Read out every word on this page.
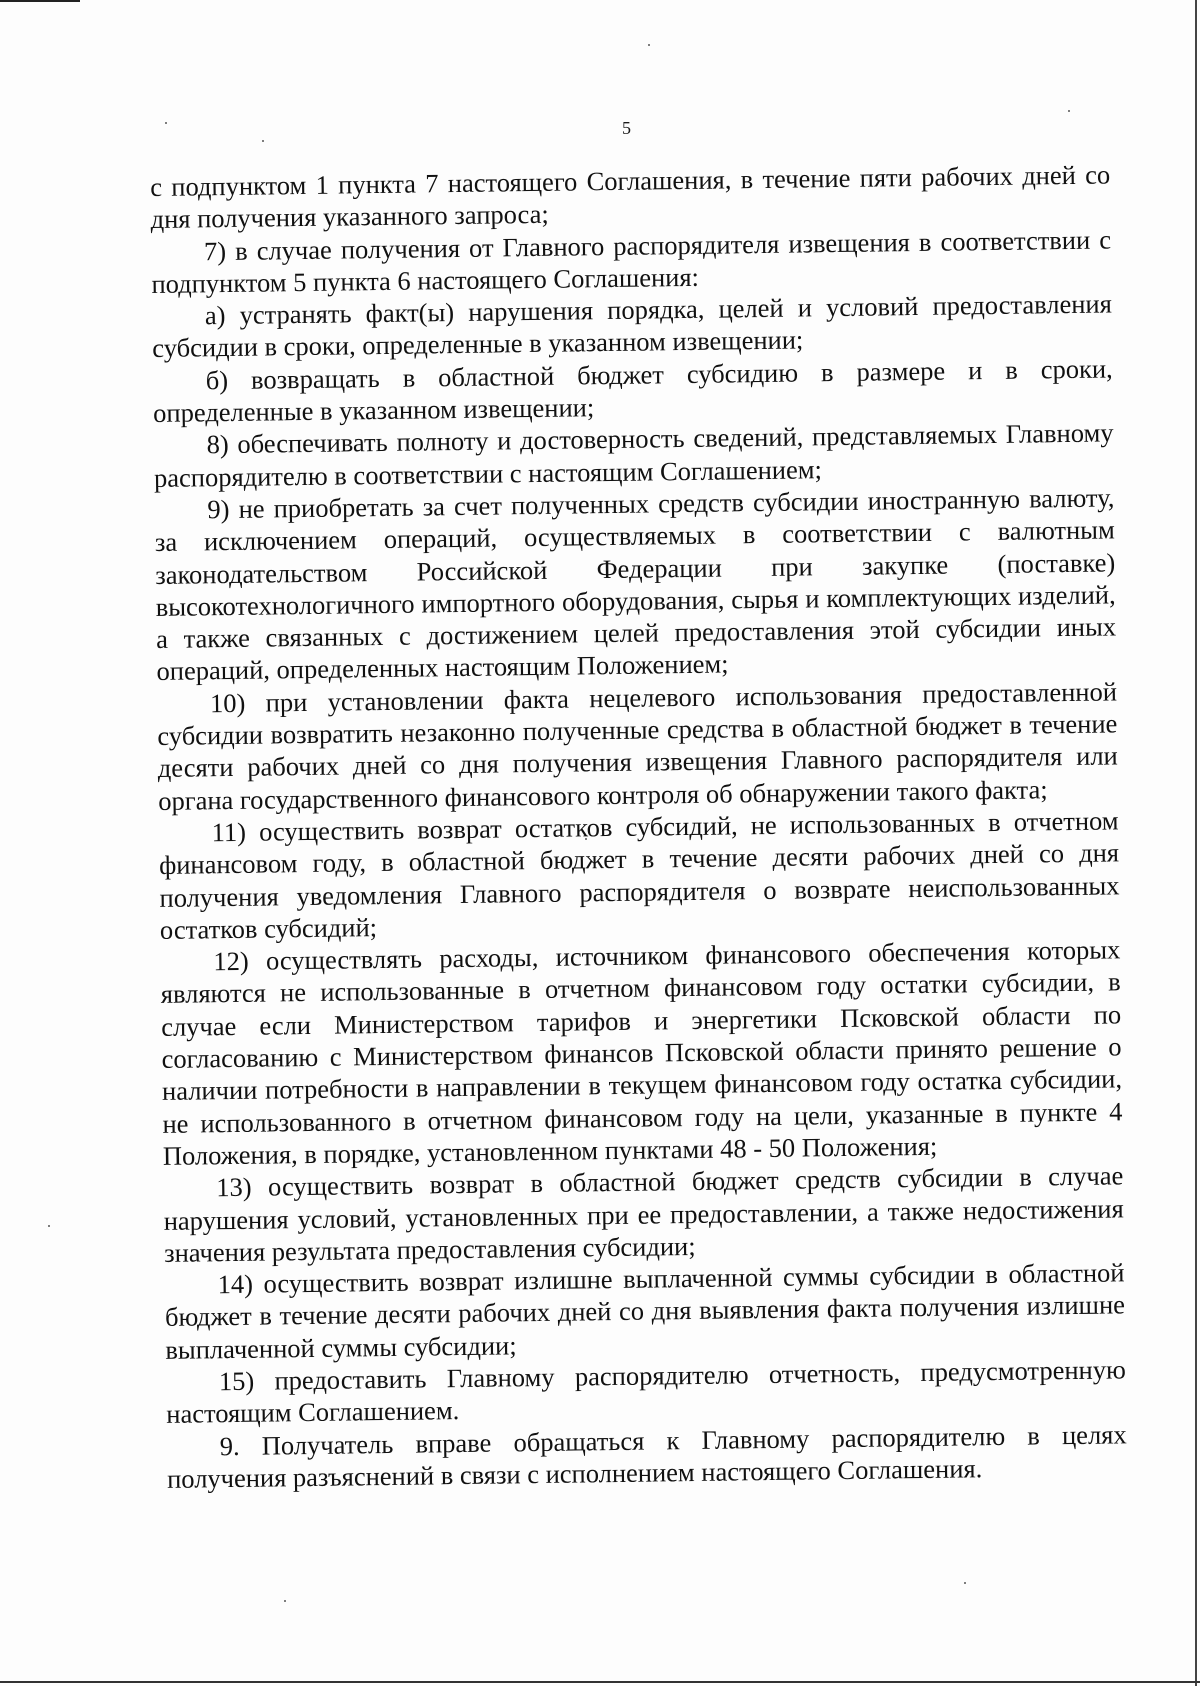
5

с подпунктом 1 пункта 7 настоящего Соглашения, в течение пяти рабочих дней со дня получения указанного запроса;

7) в случае получения от Главного распорядителя извещения в соответствии с подпунктом 5 пункта 6 настоящего Соглашения:

а) устранять факт(ы) нарушения порядка, целей и условий предоставления субсидии в сроки, определенные в указанном извещении;

б) возвращать в областной бюджет субсидию в размере и в сроки, определенные в указанном извещении;

8) обеспечивать полноту и достоверность сведений, представляемых Главному распорядителю в соответствии с настоящим Соглашением;

9) не приобретать за счет полученных средств субсидии иностранную валюту, за исключением операций, осуществляемых в соответствии с валютным законодательством Российской Федерации при закупке (поставке) высокотехнологичного импортного оборудования, сырья и комплектующих изделий, а также связанных с достижением целей предоставления этой субсидии иных операций, определенных настоящим Положением;

10) при установлении факта нецелевого использования предоставленной субсидии возвратить незаконно полученные средства в областной бюджет в течение десяти рабочих дней со дня получения извещения Главного распорядителя или органа государственного финансового контроля об обнаружении такого факта;

11) осуществить возврат остатков субсидий, не использованных в отчетном финансовом году, в областной бюджет в течение десяти рабочих дней со дня получения уведомления Главного распорядителя о возврате неиспользованных остатков субсидий;

12) осуществлять расходы, источником финансового обеспечения которых являются не использованные в отчетном финансовом году остатки субсидии, в случае если Министерством тарифов и энергетики Псковской области по согласованию с Министерством финансов Псковской области принято решение о наличии потребности в направлении в текущем финансовом году остатка субсидии, не использованного в отчетном финансовом году на цели, указанные в пункте 4 Положения, в порядке, установленном пунктами 48 - 50 Положения;

13) осуществить возврат в областной бюджет средств субсидии в случае нарушения условий, установленных при ее предоставлении, а также недостижения значения результата предоставления субсидии;

14) осуществить возврат излишне выплаченной суммы субсидии в областной бюджет в течение десяти рабочих дней со дня выявления факта получения излишне выплаченной суммы субсидии;

15) предоставить Главному распорядителю отчетность, предусмотренную настоящим Соглашением.

9. Получатель вправе обращаться к Главному распорядителю в целях получения разъяснений в связи с исполнением настоящего Соглашения.
